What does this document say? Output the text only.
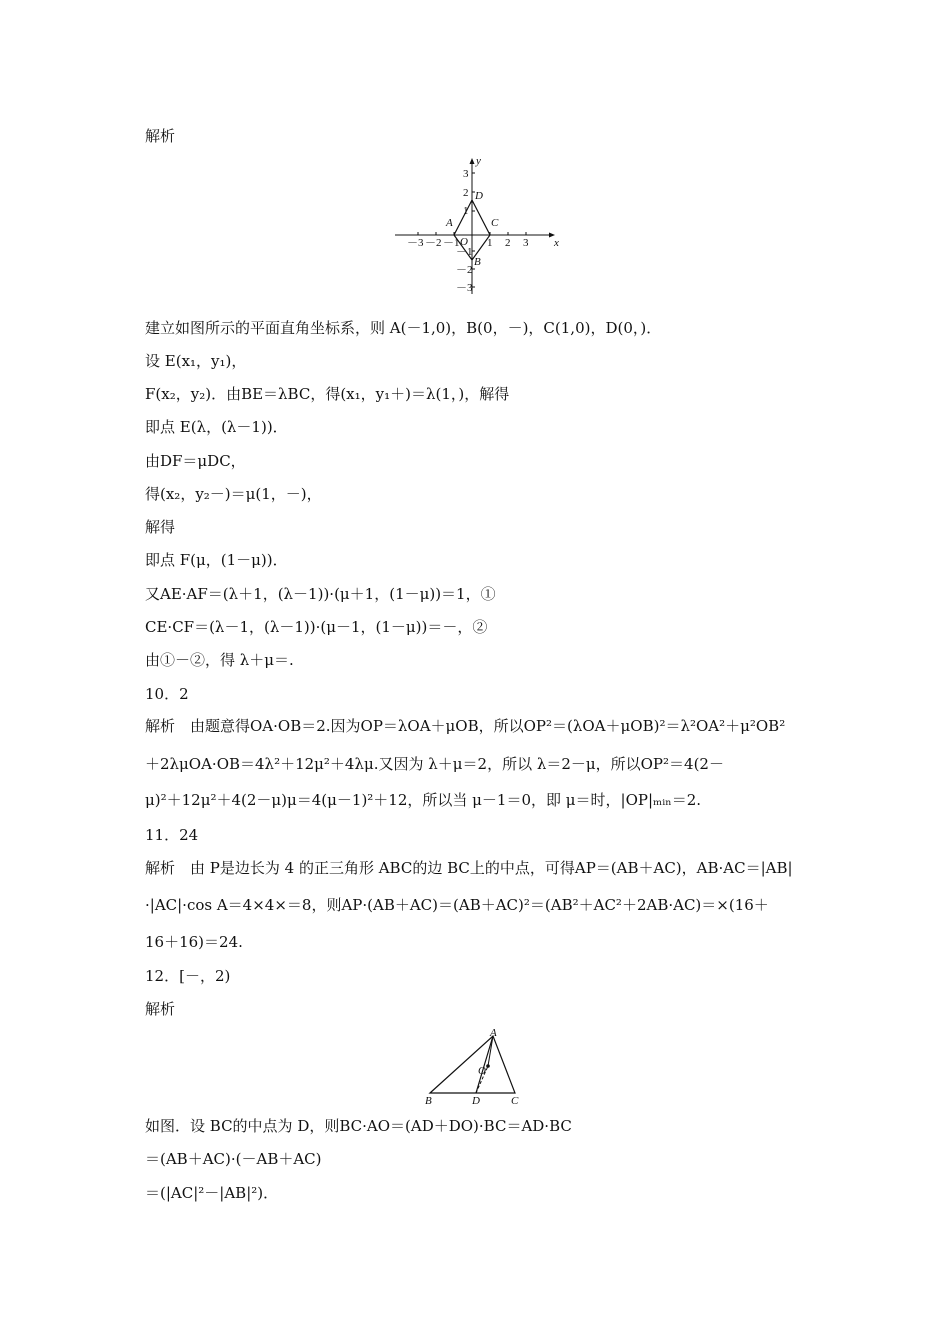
解析
x
y
－3 －2 －1	1 2 3
3
2
1
－1
－2
－3
O
A
B
C
D
建立如图所示的平面直角坐标系，则 A(－1,0)，B(0，－)，C(1,0)，D(0，)．
设 E(x₁，y₁)，
F(x₂，y₂)．由BE＝λBC，得(x₁，y₁＋)＝λ(1，)，解得
即点 E(λ，(λ－1))．
由DF＝μDC，
得(x₂，y₂－)＝μ(1，－)，
解得
即点 F(μ，(1－μ))．
又AE·AF＝(λ＋1，(λ－1))·(μ＋1，(1－μ))＝1，①
CE·CF＝(λ－1，(λ－1))·(μ－1，(1－μ))＝－，②
由①－②，得 λ＋μ＝.
10．2
解析　由题意得OA·OB＝2.因为OP＝λOA＋μOB，所以OP²＝(λOA＋μOB)²＝λ²OA²＋μ²OB²
＋2λμOA·OB＝4λ²＋12μ²＋4λμ.又因为 λ＋μ＝2，所以 λ＝2－μ，所以OP²＝4(2－
μ)²＋12μ²＋4(2－μ)μ＝4(μ－1)²＋12，所以当 μ－1＝0，即 μ＝时，|OP|ₘᵢₙ＝2.
11．24
解析　由 P是边长为 4 的正三角形 ABC的边 BC上的中点，可得AP＝(AB＋AC)，AB·AC＝|AB|
·|AC|·cos A＝4×4×＝8，则AP·(AB＋AC)＝(AB＋AC)²＝(AB²＋AC²＋2AB·AC)＝×(16＋
16＋16)＝24.
12．[－，2)
解析
A
B	C
D
O
如图．设 BC的中点为 D，则BC·AO＝(AD＋DO)·BC＝AD·BC
＝(AB＋AC)·(－AB＋AC)
＝(|AC|²－|AB|²)．
